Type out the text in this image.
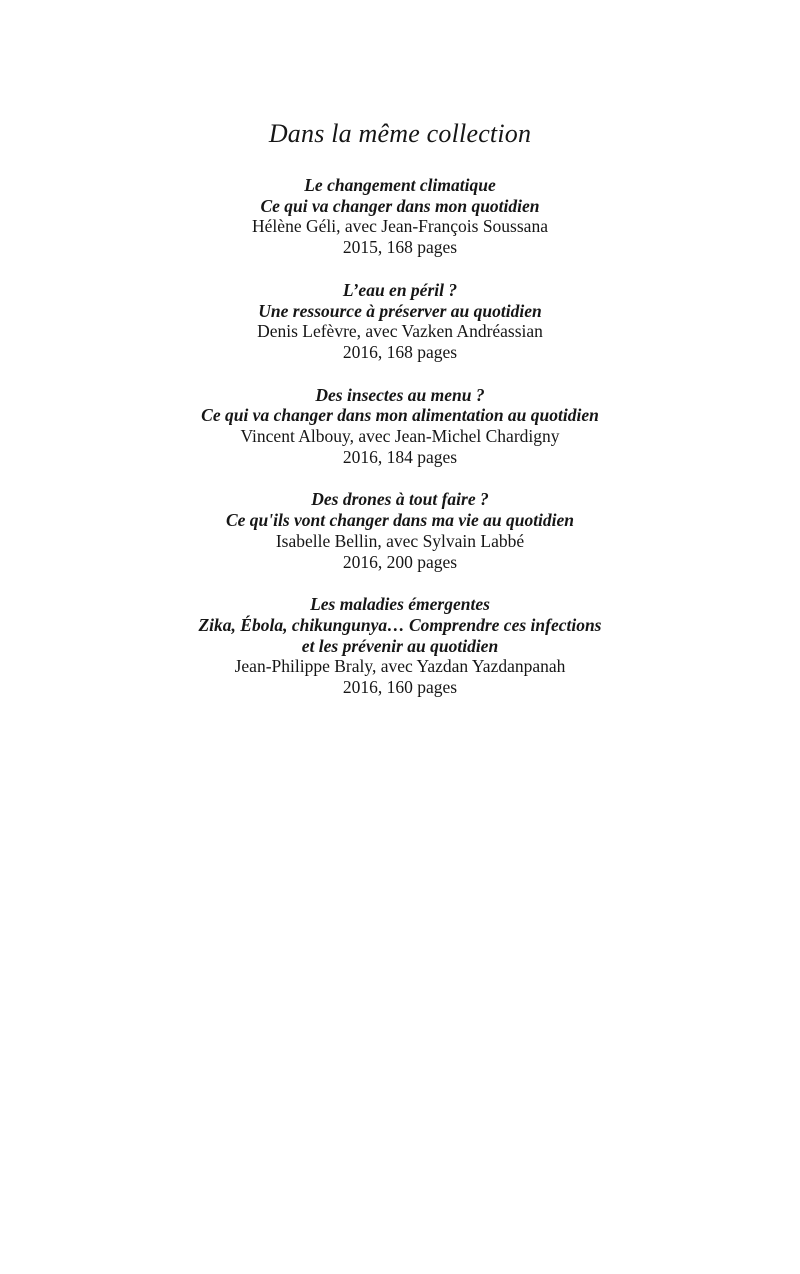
Dans la même collection

Le changement climatique

Ce qui va changer dans mon quotidien

Hélène Géli, avec Jean-François Soussana

2015, 168 pages

L’eau en péril ?

Une ressource à préserver au quotidien

Denis Lefèvre, avec Vazken Andréassian

2016, 168 pages

Des insectes au menu ?

Ce qui va changer dans mon alimentation au quotidien

Vincent Albouy, avec Jean-Michel Chardigny

2016, 184 pages

Des drones à tout faire ?

Ce qu'ils vont changer dans ma vie au quotidien

Isabelle Bellin, avec Sylvain Labbé

2016, 200 pages

Les maladies émergentes

Zika, Ébola, chikungunya… Comprendre ces infections

et les prévenir au quotidien

Jean-Philippe Braly, avec Yazdan Yazdanpanah

2016, 160 pages
